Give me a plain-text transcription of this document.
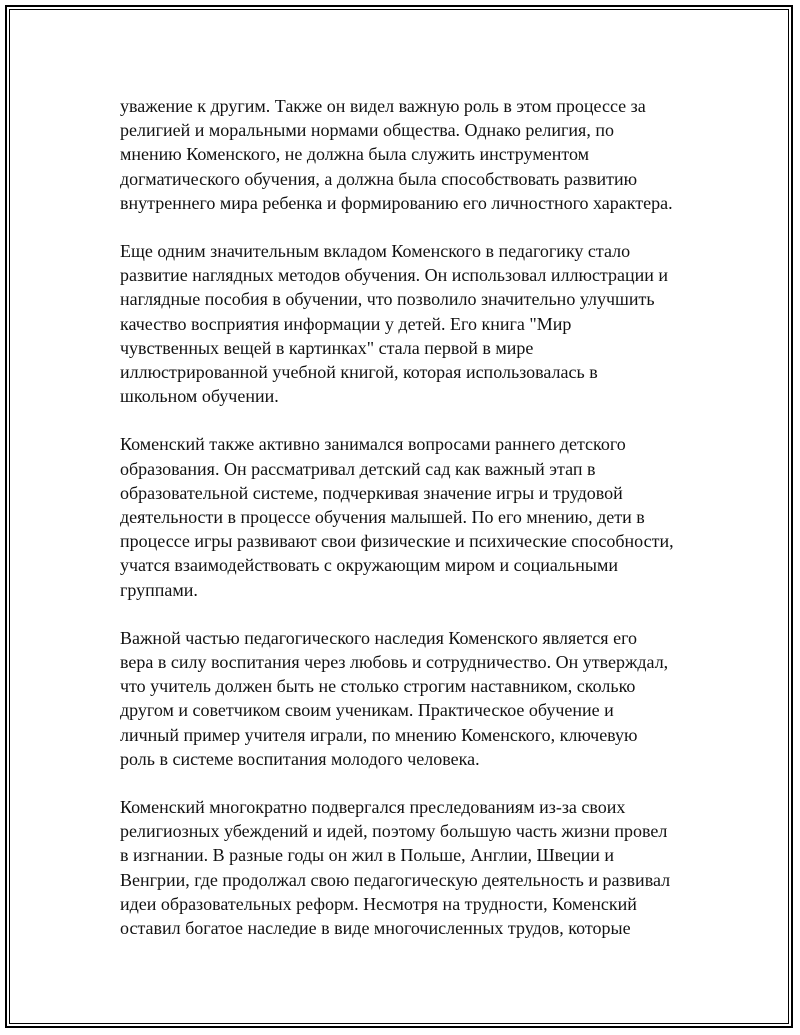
уважение к другим. Также он видел важную роль в этом процессе за
религией и моральными нормами общества. Однако религия, по
мнению Коменского, не должна была служить инструментом
догматического обучения, а должна была способствовать развитию
внутреннего мира ребенка и формированию его личностного характера.

Еще одним значительным вкладом Коменского в педагогику стало
развитие наглядных методов обучения. Он использовал иллюстрации и
наглядные пособия в обучении, что позволило значительно улучшить
качество восприятия информации у детей. Его книга "Мир
чувственных вещей в картинках" стала первой в мире
иллюстрированной учебной книгой, которая использовалась в
школьном обучении.

Коменский также активно занимался вопросами раннего детского
образования. Он рассматривал детский сад как важный этап в
образовательной системе, подчеркивая значение игры и трудовой
деятельности в процессе обучения малышей. По его мнению, дети в
процессе игры развивают свои физические и психические способности,
учатся взаимодействовать с окружающим миром и социальными
группами.

Важной частью педагогического наследия Коменского является его
вера в силу воспитания через любовь и сотрудничество. Он утверждал,
что учитель должен быть не столько строгим наставником, сколько
другом и советчиком своим ученикам. Практическое обучение и
личный пример учителя играли, по мнению Коменского, ключевую
роль в системе воспитания молодого человека.

Коменский многократно подвергался преследованиям из-за своих
религиозных убеждений и идей, поэтому большую часть жизни провел
в изгнании. В разные годы он жил в Польше, Англии, Швеции и
Венгрии, где продолжал свою педагогическую деятельность и развивал
идеи образовательных реформ. Несмотря на трудности, Коменский
оставил богатое наследие в виде многочисленных трудов, которые
